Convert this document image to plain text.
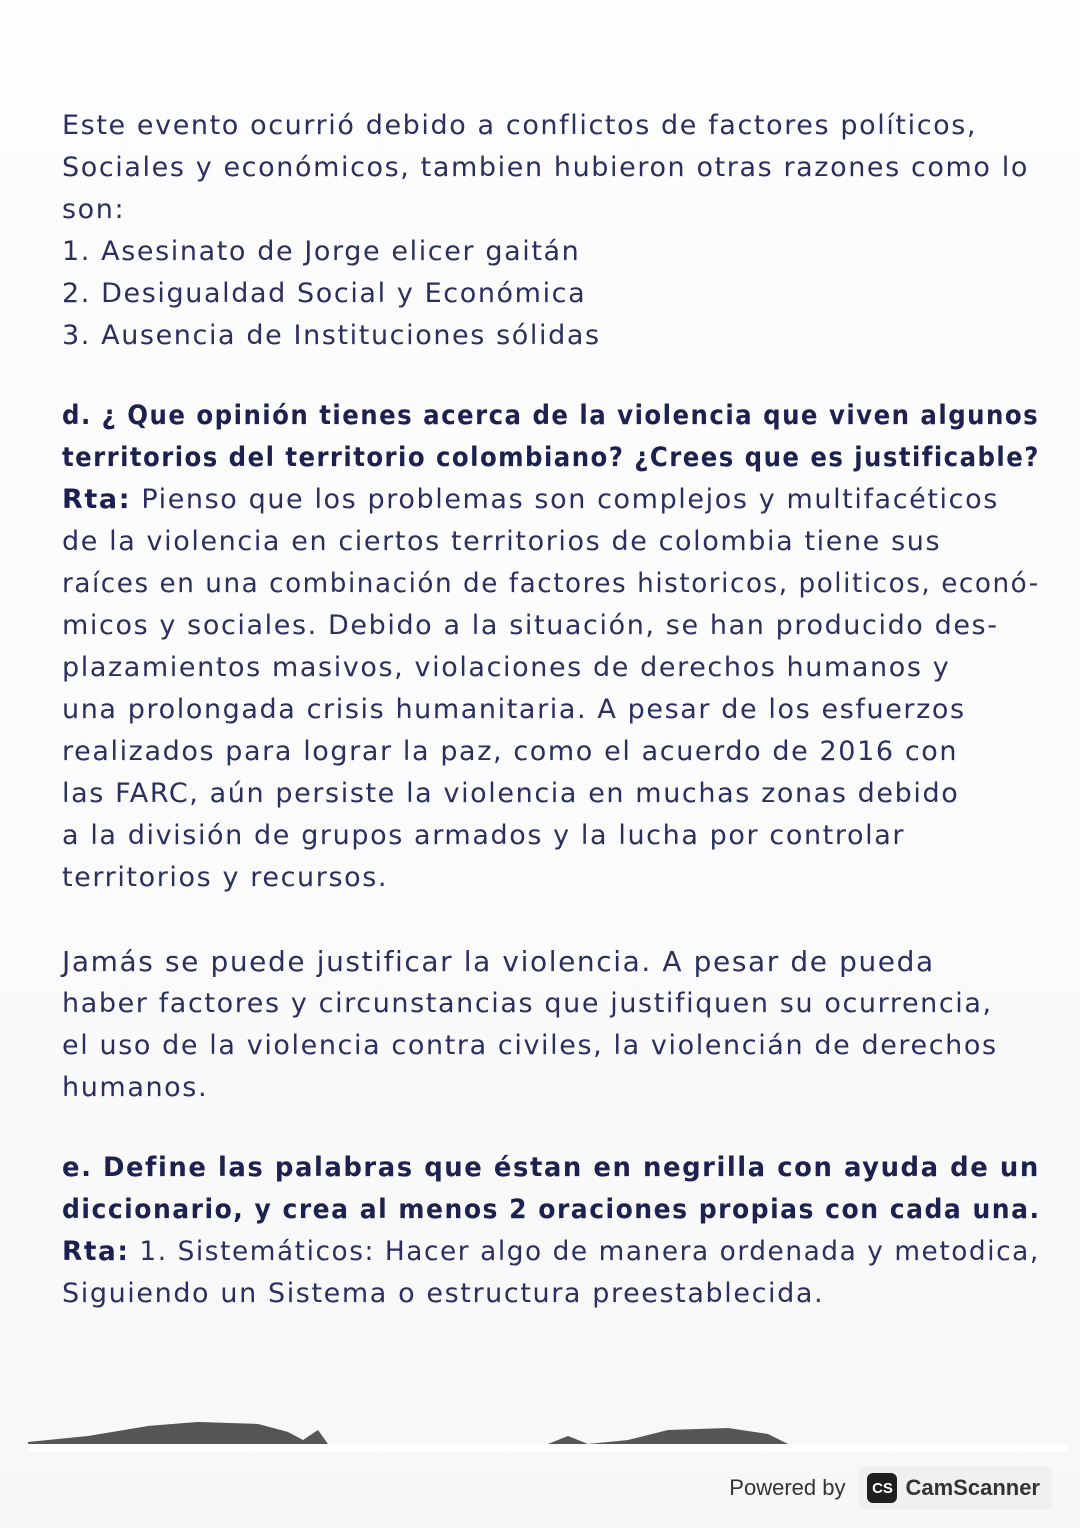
Este evento ocurrió debido a conflictos de factores políticos,
Sociales y económicos, tambien hubieron otras razones como lo
son:
1. Asesinato de Jorge elicer gaitán
2. Desigualdad Social y Económica
3. Ausencia de Instituciones sólidas
d. ¿ Que opinión tienes acerca de la violencia que viven algunos
territorios del territorio colombiano? ¿Crees que es justificable?
Rta: Pienso que los problemas son complejos y multifacéticos
de la violencia en ciertos territorios de colombia tiene sus
raíces en una combinación de factores historicos, politicos, econó-
micos y sociales. Debido a la situación, se han producido des-
plazamientos masivos, violaciones de derechos humanos y
una prolongada crisis humanitaria. A pesar de los esfuerzos
realizados para lograr la paz, como el acuerdo de 2016 con
las FARC, aún persiste la violencia en muchas zonas debido
a la división de grupos armados y la lucha por controlar
territorios y recursos.
Jamás se puede justificar la violencia. A pesar de pueda
haber factores y circunstancias que justifiquen su ocurrencia,
el uso de la violencia contra civiles, la violencián de derechos
humanos.
e. Define las palabras que éstan en negrilla con ayuda de un
diccionario, y crea al menos 2 oraciones propias con cada una.
Rta: 1. Sistemáticos: Hacer algo de manera ordenada y metodica,
Siguiendo un Sistema o estructura preestablecida.
Powered by	CS CamScanner
